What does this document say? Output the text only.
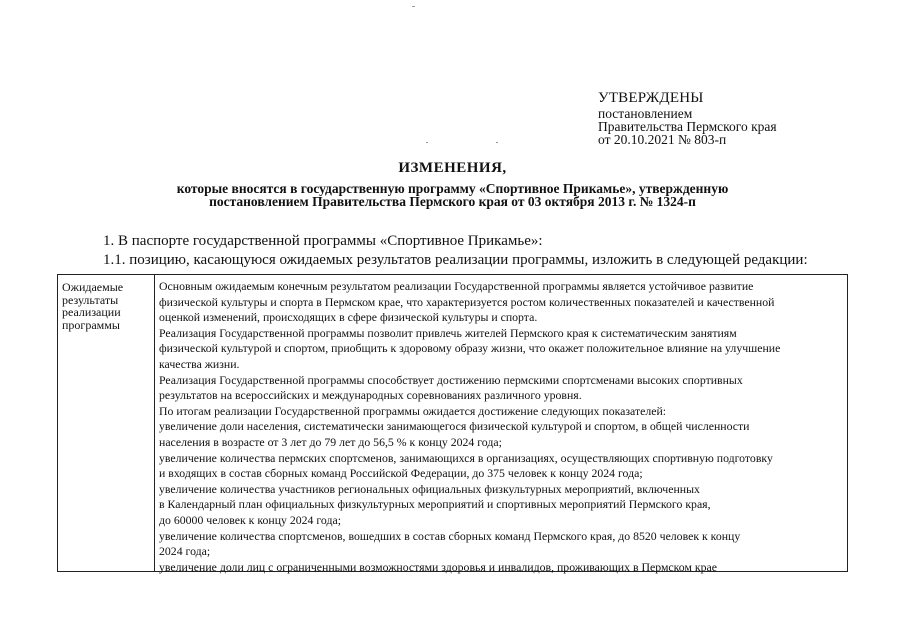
УТВЕРЖДЕНЫ
постановлением
Правительства Пермского края
от 20.10.2021 № 803-п
ИЗМЕНЕНИЯ,
которые вносятся в государственную программу «Спортивное Прикамье», утвержденную
постановлением Правительства Пермского края от 03 октября 2013 г. № 1324-п
1. В паспорте государственной программы «Спортивное Прикамье»:
1.1. позицию, касающуюся ожидаемых результатов реализации программы, изложить в следующей редакции:
Ожидаемые
результаты
реализации
программы
Основным ожидаемым конечным результатом реализации Государственной программы является устойчивое развитие
физической культуры и спорта в Пермском крае, что характеризуется ростом количественных показателей и качественной
оценкой изменений, происходящих в сфере физической культуры и спорта.
Реализация Государственной программы позволит привлечь жителей Пермского края к систематическим занятиям
физической культурой и спортом, приобщить к здоровому образу жизни, что окажет положительное влияние на улучшение
качества жизни.
Реализация Государственной программы способствует достижению пермскими спортсменами высоких спортивных
результатов на всероссийских и международных соревнованиях различного уровня.
По итогам реализации Государственной программы ожидается достижение следующих показателей:
увеличение доли населения, систематически занимающегося физической культурой и спортом, в общей численности
населения в возрасте от 3 лет до 79 лет до 56,5 % к концу 2024 года;
увеличение количества пермских спортсменов, занимающихся в организациях, осуществляющих спортивную подготовку
и входящих в состав сборных команд Российской Федерации, до 375 человек к концу 2024 года;
увеличение количества участников региональных официальных физкультурных мероприятий, включенных
в Календарный план официальных физкультурных мероприятий и спортивных мероприятий Пермского края,
до 60000 человек к концу 2024 года;
увеличение количества спортсменов, вошедших в состав сборных команд Пермского края, до 8520 человек к концу
2024 года;
увеличение доли лиц с ограниченными возможностями здоровья и инвалидов, проживающих в Пермском крае
